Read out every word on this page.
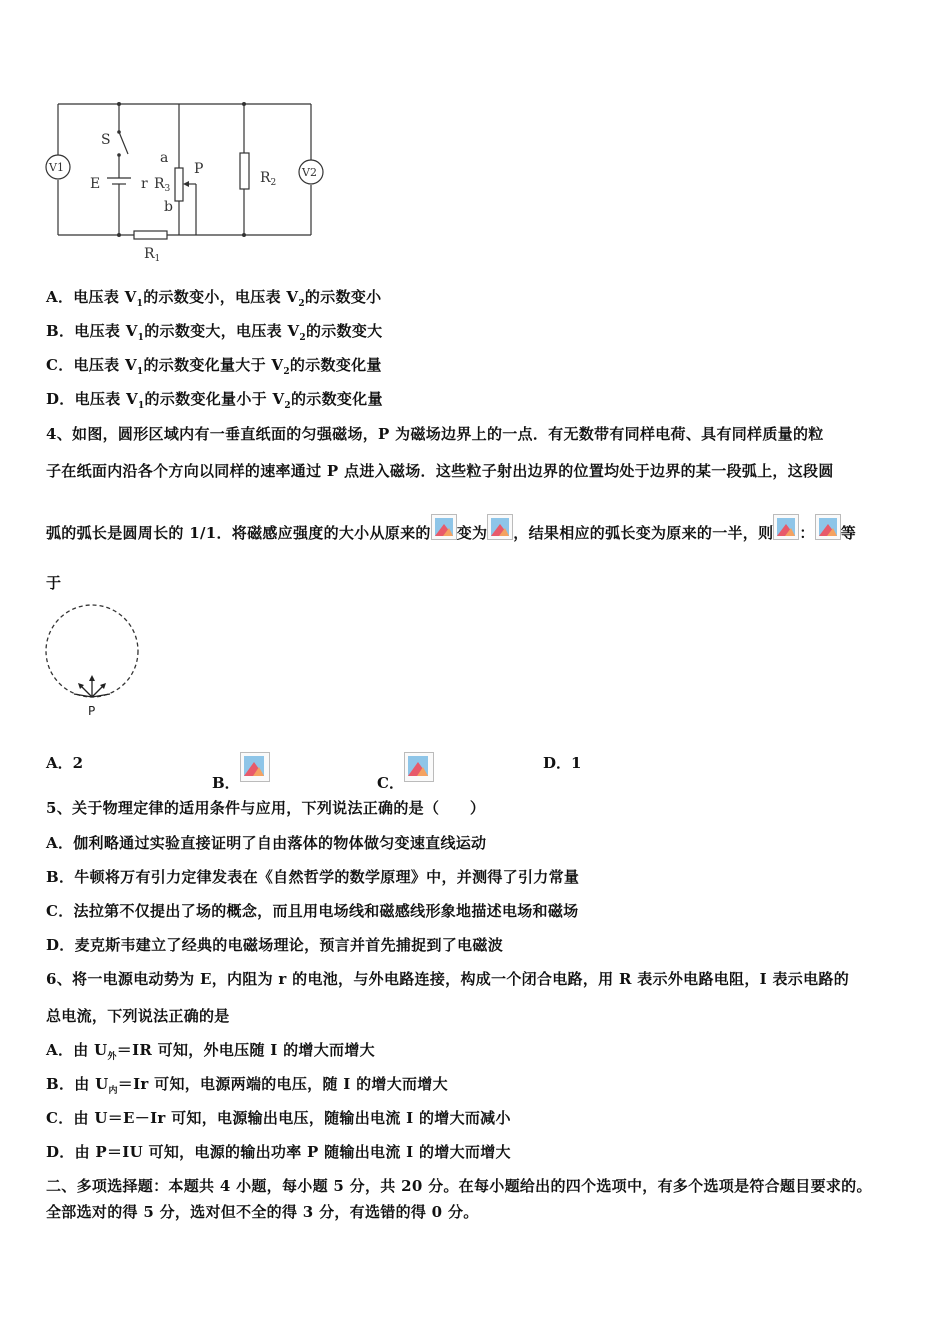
S
E	r
a
b
$R_3$
P
$R_2$
$R_1$
V1	V2
A．电压表 $V_1$的示数变小，电压表 $V_2$的示数变小
B．电压表 $V_1$的示数变大，电压表 $V_2$的示数变大
C．电压表 $V_1$的示数变化量大于 $V_2$的示数变化量
D．电压表 $V_1$的示数变化量小于 $V_2$的示数变化量
4、如图，圆形区域内有一垂直纸面的匀强磁场，P 为磁场边界上的一点．有无数带有同样电荷、具有同样质量的粒
子在纸面内沿各个方向以同样的速率通过 P 点进入磁场．这些粒子射出边界的位置均处于边界的某一段弧上，这段圆
弧的弧长是圆周长的 1/1．将磁感应强度的大小从原来的 变为 ，结果相应的弧长变为原来的一半，则 ： 等
于
P
A．2
B．	C．
D．1
5、关于物理定律的适用条件与应用，下列说法正确的是（　　）
A．伽利略通过实验直接证明了自由落体的物体做匀变速直线运动
B．牛顿将万有引力定律发表在《自然哲学的数学原理》中，并测得了引力常量
C．法拉第不仅提出了场的概念，而且用电场线和磁感线形象地描述电场和磁场
D．麦克斯韦建立了经典的电磁场理论，预言并首先捕捉到了电磁波
6、将一电源电动势为 E，内阻为 r 的电池，与外电路连接，构成一个闭合电路，用 R 表示外电路电阻，I 表示电路的
总电流，下列说法正确的是
A．由 $U_外=IR$ 可知，外电压随 I 的增大而增大
B．由 $U_内=Ir$ 可知，电源两端的电压，随 I 的增大而增大
C．由 U＝E－Ir 可知，电源输出电压，随输出电流 I 的增大而减小
D．由 P＝IU 可知，电源的输出功率 P 随输出电流 I 的增大而增大
二、多项选择题：本题共 4 小题，每小题 5 分，共 20 分。在每小题给出的四个选项中，有多个选项是符合题目要求的。
全部选对的得 5 分，选对但不全的得 3 分，有选错的得 0 分。
